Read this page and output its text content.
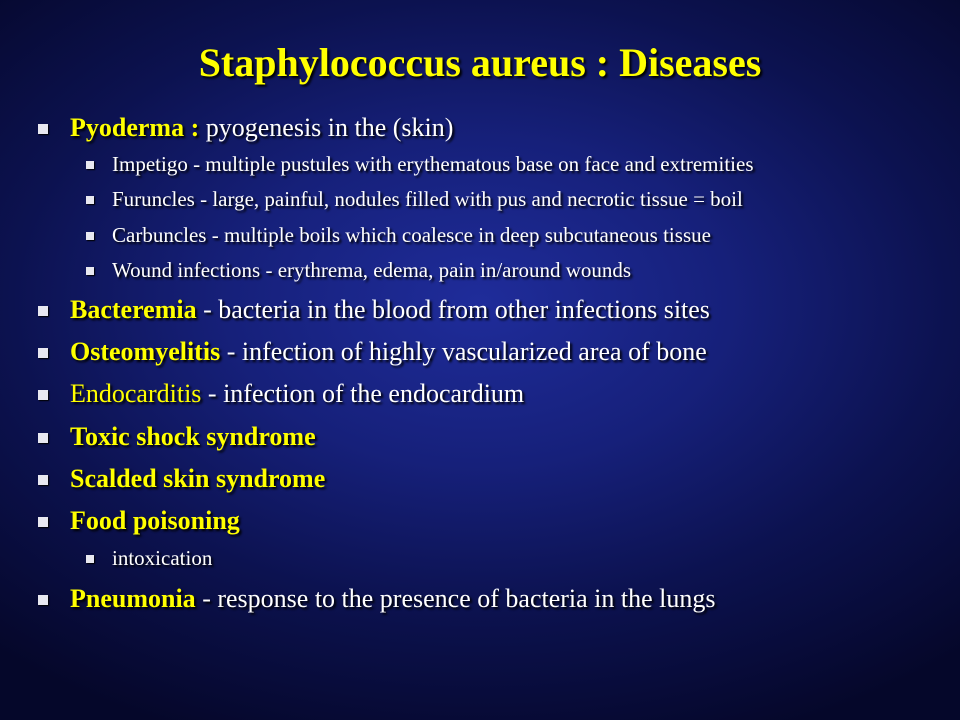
Staphylococcus aureus : Diseases
Pyoderma : pyogenesis in the (skin)
Impetigo - multiple pustules with erythematous base on face and extremities
Furuncles - large, painful, nodules filled with pus and necrotic tissue = boil
Carbuncles - multiple boils which coalesce in deep subcutaneous tissue
Wound infections - erythrema, edema, pain in/around wounds
Bacteremia - bacteria in the blood from other infections sites
Osteomyelitis - infection of highly vascularized area of bone
Endocarditis - infection of the endocardium
Toxic shock syndrome
Scalded skin syndrome
Food poisoning
intoxication
Pneumonia - response to the presence of bacteria in the lungs
